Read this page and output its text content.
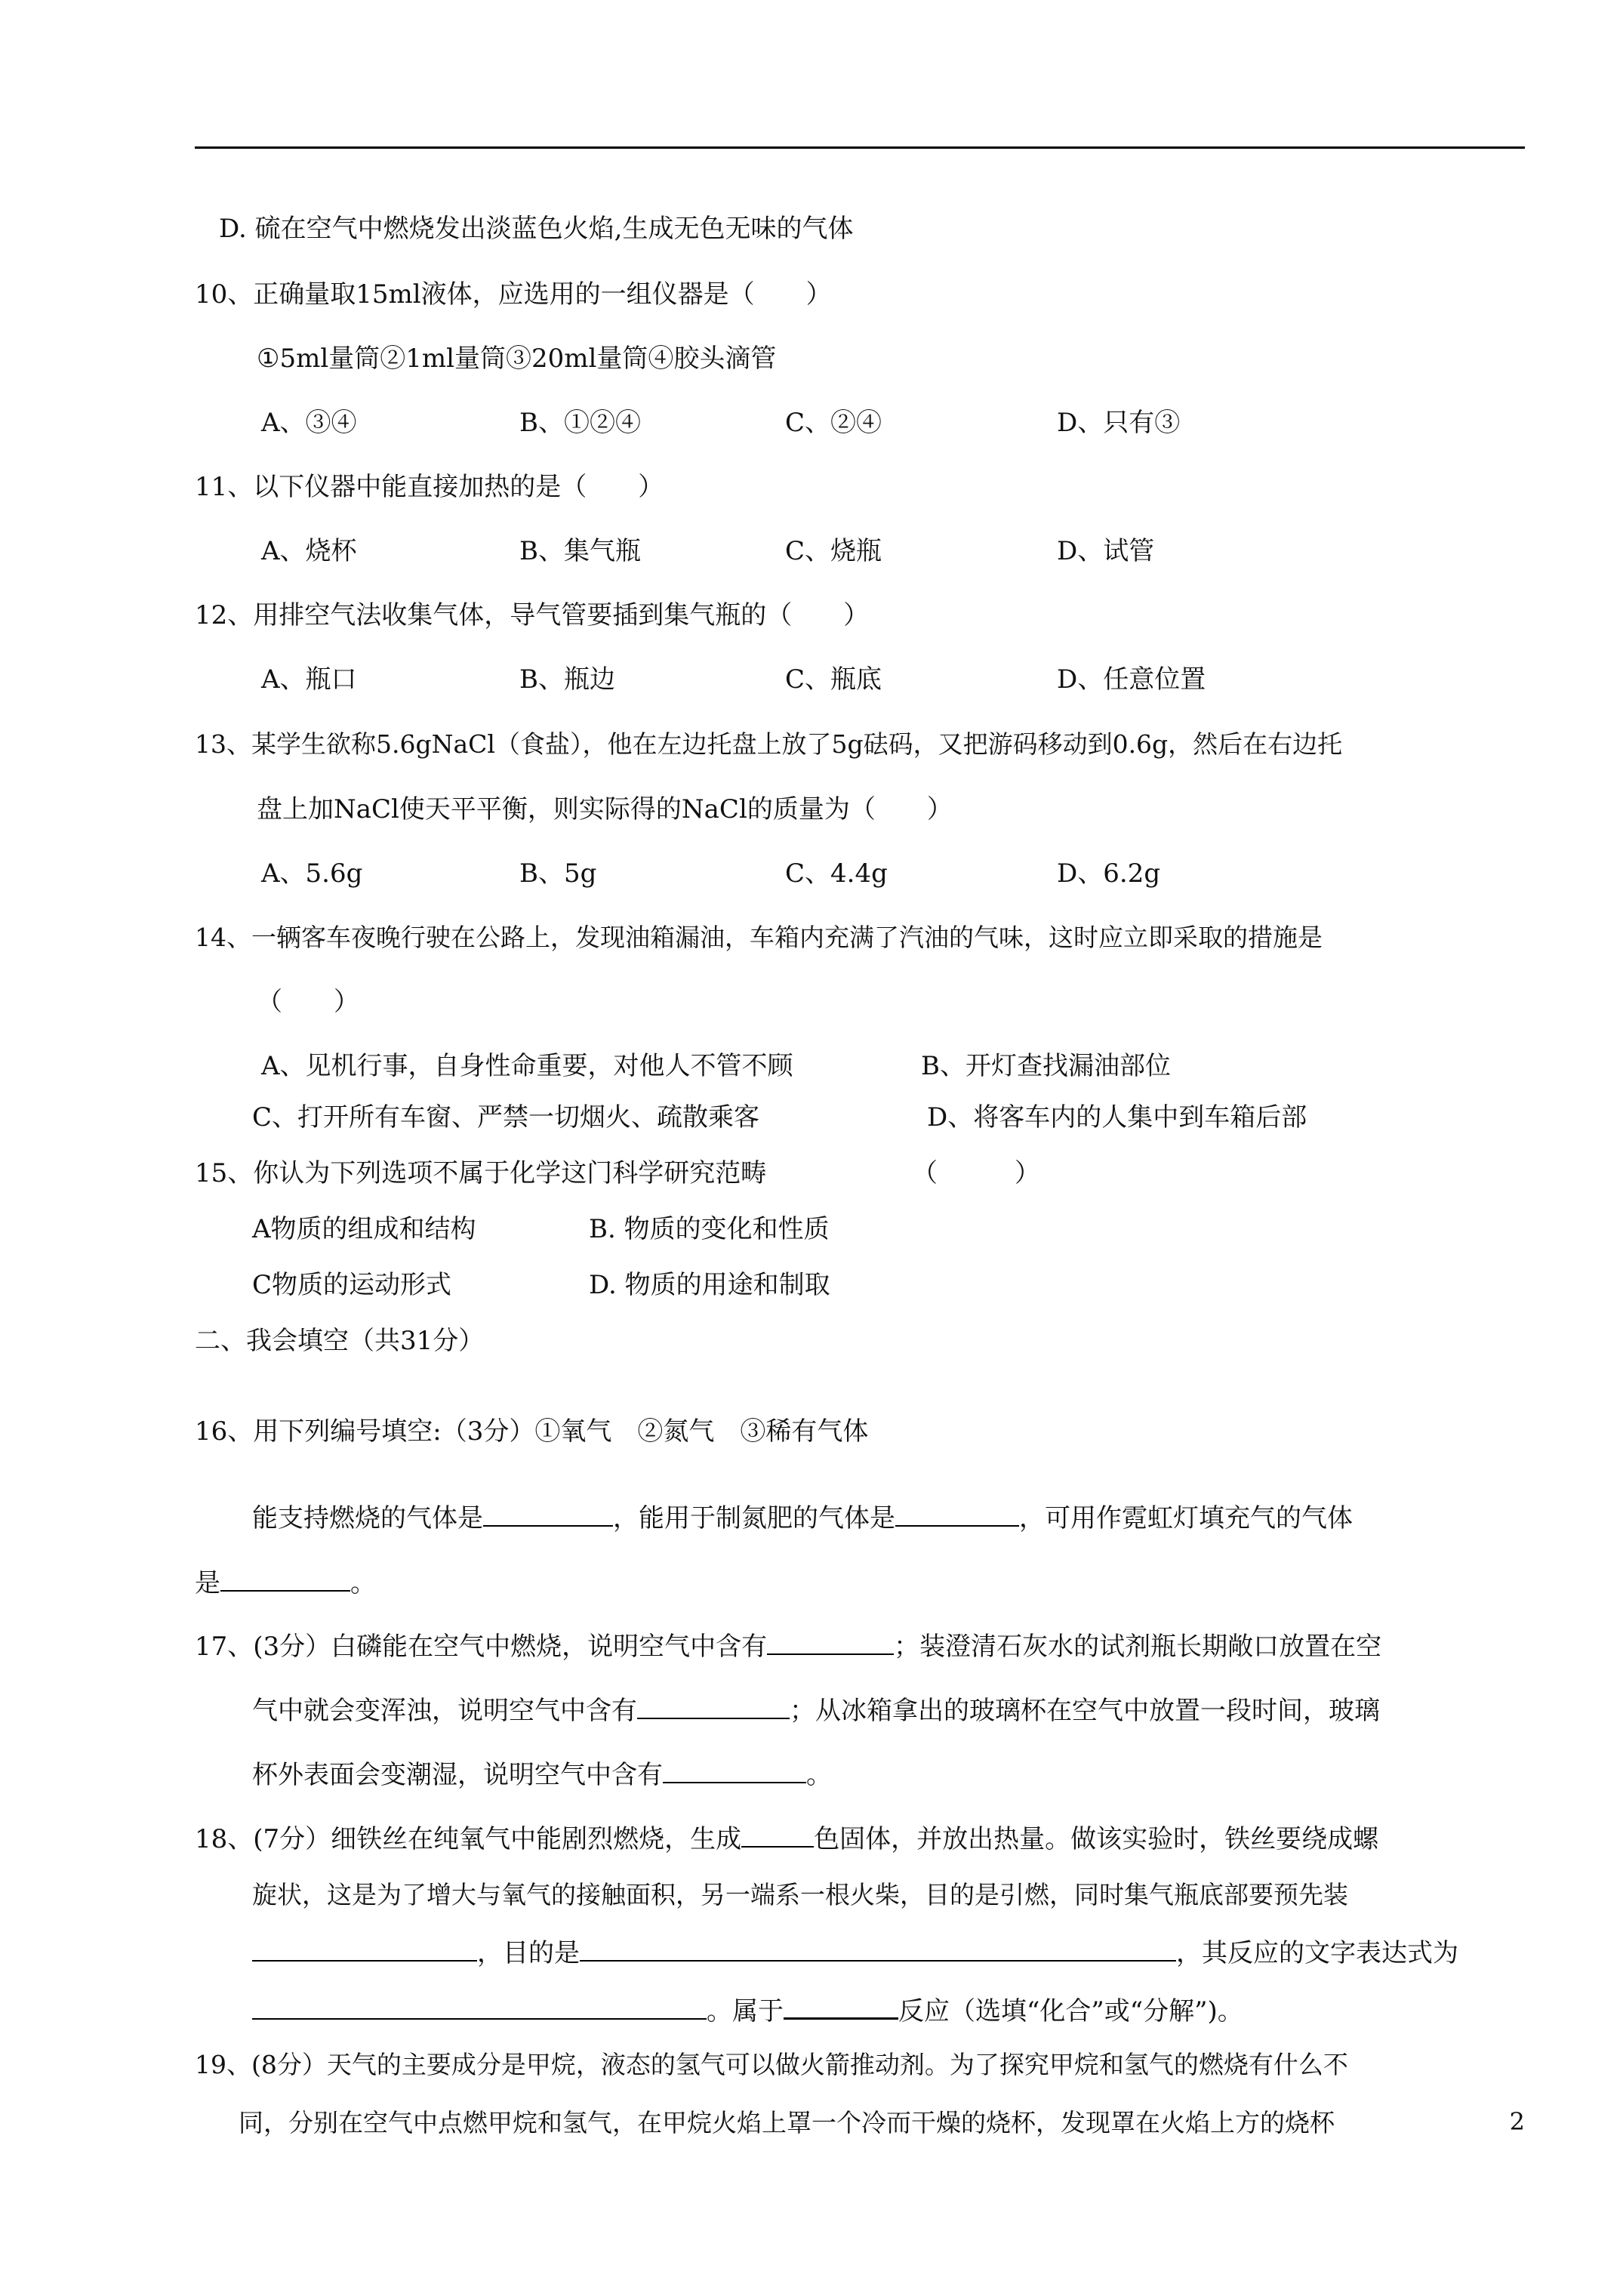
D. 硫在空气中燃烧发出淡蓝色火焰,生成无色无味的气体
10、正确量取15ml液体，应选用的一组仪器是（　　）
①5ml量筒②1ml量筒③20ml量筒④胶头滴管
A、③④	B、①②④	C、②④	D、只有③
11、以下仪器中能直接加热的是（　　）
A、烧杯	B、集气瓶	C、烧瓶	D、试管
12、用排空气法收集气体，导气管要插到集气瓶的（　　）
A、瓶口	B、瓶边	C、瓶底	D、任意位置
13、某学生欲称5.6gNaCl（食盐），他在左边托盘上放了5g砝码，又把游码移动到0.6g，然后在右边托
盘上加NaCl使天平平衡，则实际得的NaCl的质量为（　　）
A、5.6g	B、5g	C、4.4g	D、6.2g
14、一辆客车夜晚行驶在公路上，发现油箱漏油，车箱内充满了汽油的气味，这时应立即采取的措施是
（　　）
A、见机行事，自身性命重要，对他人不管不顾	B、开灯查找漏油部位
C、打开所有车窗、严禁一切烟火、疏散乘客	D、将客车内的人集中到车箱后部
15、你认为下列选项不属于化学这门科学研究范畴	（　　　）
A物质的组成和结构	B. 物质的变化和性质
C物质的运动形式	D. 物质的用途和制取
二、我会填空（共31分）
16、用下列编号填空:（3分）①氧气　②氮气　③稀有气体
能支持燃烧的气体是	，能用于制氮肥的气体是	，可用作霓虹灯填充气的气体
是	。
17、(3分）白磷能在空气中燃烧，说明空气中含有	；装澄清石灰水的试剂瓶长期敞口放置在空
气中就会变浑浊，说明空气中含有	；从冰箱拿出的玻璃杯在空气中放置一段时间，玻璃
杯外表面会变潮湿，说明空气中含有	。
18、(7分）细铁丝在纯氧气中能剧烈燃烧，生成	色固体，并放出热量。做该实验时，铁丝要绕成螺
旋状，这是为了增大与氧气的接触面积，另一端系一根火柴，目的是引燃，同时集气瓶底部要预先装
，目的是	，其反应的文字表达式为
。属于	反应（选填“化合”或“分解”)。
19、(8分）天气的主要成分是甲烷，液态的氢气可以做火箭推动剂。为了探究甲烷和氢气的燃烧有什么不
同，分别在空气中点燃甲烷和氢气，在甲烷火焰上罩一个冷而干燥的烧杯，发现罩在火焰上方的烧杯	2
